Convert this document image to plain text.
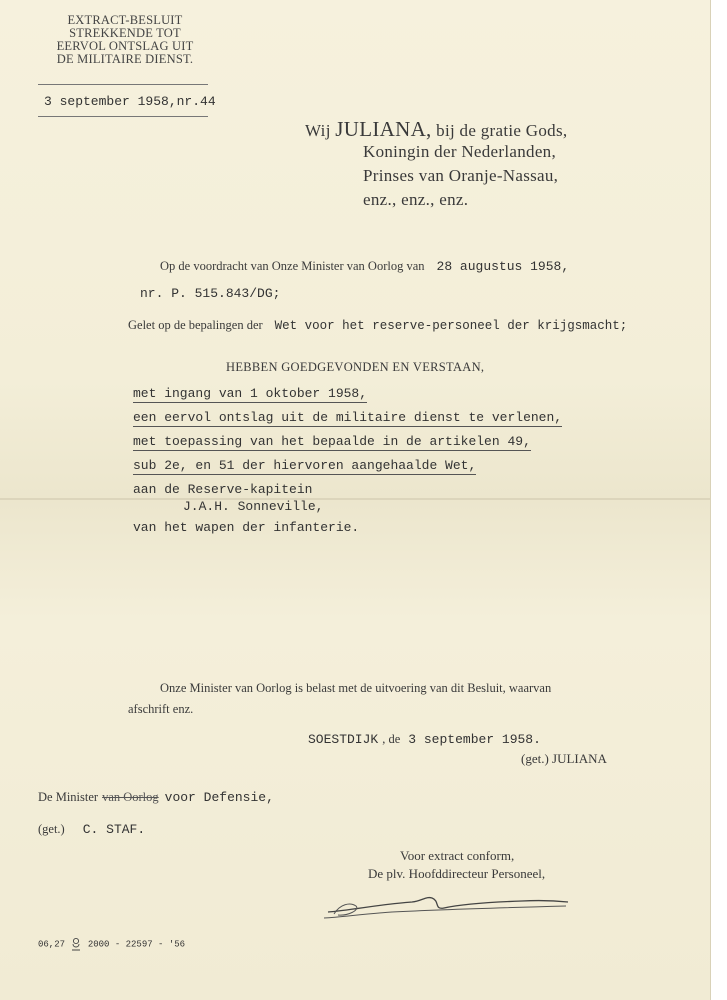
EXTRACT-BESLUIT
STREKKENDE TOT
EERVOL ONTSLAG UIT
DE MILITAIRE DIENST.
3 september 1958,nr.44
Wij JULIANA, bij de gratie Gods,
Koningin der Nederlanden,
Prinses van Oranje-Nassau,
enz., enz., enz.
Op de voordracht van Onze Minister van Oorlog van 28 augustus 1958,
nr. P. 515.843/DG;
Gelet op de bepalingen der Wet voor het reserve-personeel der krijgsmacht;
HEBBEN GOEDGEVONDEN EN VERSTAAN,
met ingang van 1 oktober 1958,
een eervol ontslag uit de militaire dienst te verlenen,
met toepassing van het bepaalde in de artikelen 49,
sub 2e, en 51 der hiervoren aangehaalde Wet,
aan de Reserve-kapitein
J.A.H. Sonneville,
van het wapen der infanterie.
Onze Minister van Oorlog is belast met de uitvoering van dit Besluit, waarvan
afschrift enz.
SOESTDIJK , de 3 september 1958.
(get.) JULIANA
De Minister van Oorlog voor Defensie,
(get.) C. STAF.
Voor extract conform,
De plv. Hoofddirecteur Personeel,
06,27	2000 - 22597 - '56
